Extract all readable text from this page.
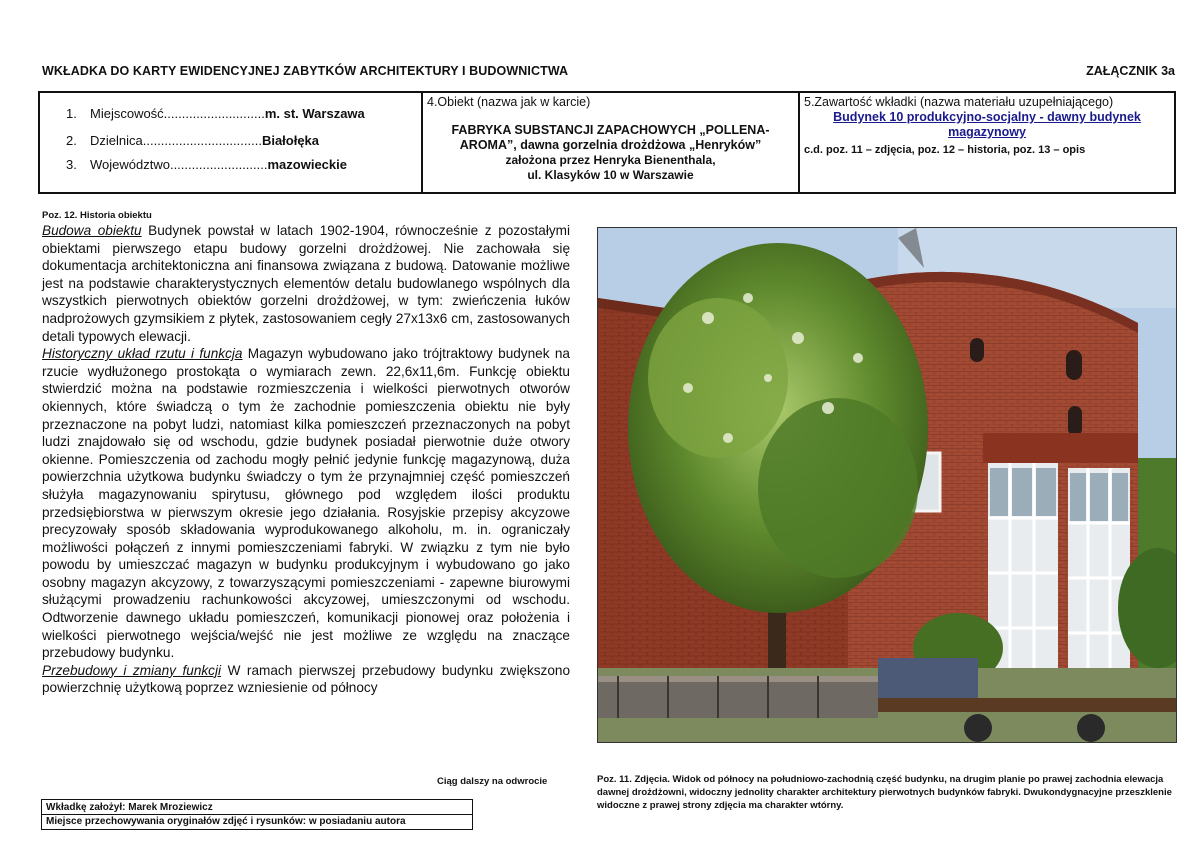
WKŁADKA DO KARTY EWIDENCYJNEJ ZABYTKÓW ARCHITEKTURY I BUDOWNICTWA	ZAŁĄCZNIK 3a
1. Miejscowość............................m. st. Warszawa
2. Dzielnica.................................Białołęka
3. Województwo...........................mazowieckie
4.Obiekt (nazwa jak w karcie)
FABRYKA SUBSTANCJI ZAPACHOWYCH „POLLENA-AROMA”, dawna gorzelnia drożdżowa „Henryków”
założona przez Henryka Bienenthala,
ul. Klasyków 10 w Warszawie
5.Zawartość wkładki (nazwa materiału uzupełniającego)
Budynek 10 produkcyjno-socjalny - dawny budynek magazynowy
c.d. poz. 11 – zdjęcia, poz. 12 – historia, poz. 13 – opis
Poz. 12. Historia obiektu

Budowa obiektu Budynek powstał w latach 1902-1904, równocześnie z pozostałymi obiektami pierwszego etapu budowy gorzelni drożdżowej. Nie zachowała się dokumentacja architektoniczna ani finansowa związana z budową. Datowanie możliwe jest na podstawie charakterystycznych elementów detalu budowlanego wspólnych dla wszystkich pierwotnych obiektów gorzelni drożdżowej, w tym: zwieńczenia łuków nadprożowych gzymsikiem z płytek, zastosowaniem cegły 27x13x6 cm, zastosowanych detali typowych elewacji.

Historyczny układ rzutu i funkcja Magazyn wybudowano jako trójtraktowy budynek na rzucie wydłużonego prostokąta o wymiarach zewn. 22,6x11,6m. Funkcję obiektu stwierdzić można na podstawie rozmieszczenia i wielkości pierwotnych otworów okiennych, które świadczą o tym że zachodnie pomieszczenia obiektu nie były przeznaczone na pobyt ludzi, natomiast kilka pomieszczeń przeznaczonych na pobyt ludzi znajdowało się od wschodu, gdzie budynek posiadał pierwotnie duże otwory okienne. Pomieszczenia od zachodu mogły pełnić jedynie funkcję magazynową, duża powierzchnia użytkowa budynku świadczy o tym że przynajmniej część pomieszczeń służyła magazynowaniu spirytusu, głównego pod względem ilości produktu przedsiębiorstwa w pierwszym okresie jego działania. Rosyjskie przepisy akcyzowe precyzowały sposób składowania wyprodukowanego alkoholu, m. in. ograniczały możliwości połączeń z innymi pomieszczeniami fabryki. W związku z tym nie było powodu by umieszczać magazyn w budynku produkcyjnym i wybudowano go jako osobny magazyn akcyzowy, z towarzyszącymi pomieszczeniami - zapewne biurowymi służącymi prowadzeniu rachunkowości akcyzowej, umieszczonymi od wschodu. Odtworzenie dawnego układu pomieszczeń, komunikacji pionowej oraz położenia i wielkości pierwotnego wejścia/wejść nie jest możliwe ze względu na znaczące przebudowy budynku.

Przebudowy i zmiany funkcji W ramach pierwszej przebudowy budynku zwiększono powierzchnię użytkową poprzez wzniesienie od północy

Ciąg dalszy na odwrocie
Wkładkę założył: Marek Mroziewicz
Miejsce przechowywania oryginałów zdjęć i rysunków: w posiadaniu autora
Poz. 11. Zdjęcia. Widok od północy na południowo-zachodnią część budynku, na drugim planie po prawej zachodnia elewacja dawnej drożdżowni, widoczny jednolity charakter architektury pierwotnych budynków fabryki. Dwukondygnacyjne przeszklenie widoczne z prawej strony zdjęcia ma charakter wtórny.
